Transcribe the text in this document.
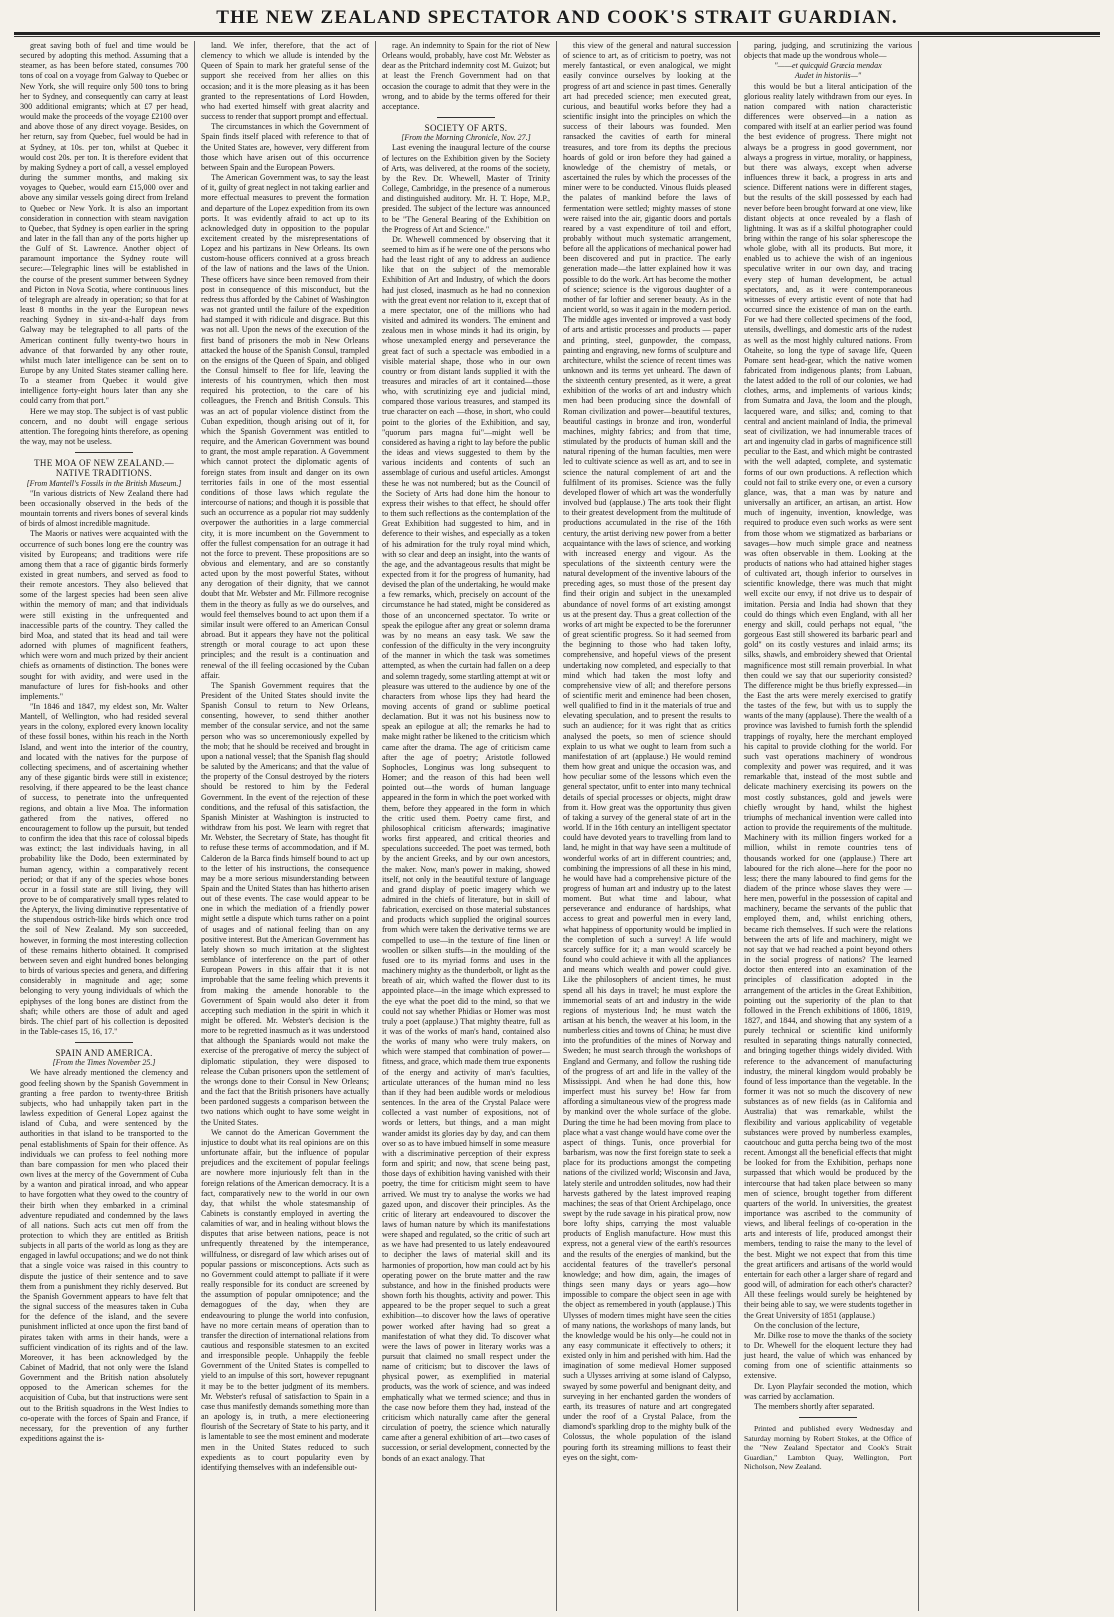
THE NEW ZEALAND SPECTATOR AND COOK'S STRAIT GUARDIAN.

great saving both of fuel and time would be secured by adopting this method. Assuming that a steamer, as has been before stated, consumes 700 tons of coal on a voyage from Galway to Quebec or New York, she will require only 500 tons to bring her to Sydney, and consequently can carry at least 300 additional emigrants; which at £7 per head, would make the proceeds of the voyage £2100 over and above those of any direct voyage. Besides, on her return, say from Quebec, fuel would be had in at Sydney, at 10s. per ton, whilst at Quebec it would cost 20s. per ton. It is therefore evident that by making Sydney a port of call, a vessel employed during the summer months, and making six voyages to Quebec, would earn £15,000 over and above any similar vessels going direct from Ireland to Quebec or New York. It is also an important consideration in connection with steam navigation to Quebec, that Sydney is open earlier in the spring and later in the fall than any of the ports higher up the Gulf of St. Lawrence. Another object of paramount importance the Sydney route will secure:—Telegraphic lines will be established in the course of the present summer between Sydney and Picton in Nova Scotia, where continuous lines of telegraph are already in operation; so that for at least 8 months in the year the European news reaching Sydney in six-and-a-half days from Galway may be telegraphed to all parts of the American continent fully twenty-two hours in advance of that forwarded by any other route, whilst much later intelligence can be sent on to Europe by any United States steamer calling here. To a steamer from Quebec it would give intelligence forty-eight hours later than any she could carry from that port."

Here we may stop. The subject is of vast public concern, and no doubt will engage serious attention. The foregoing hints therefore, as opening the way, may not be useless.

THE MOA OF NEW ZEALAND.—NATIVE TRADITIONS.

[From Mantell's Fossils in the British Museum.]

"In various districts of New Zealand there had been occasionally observed in the beds of the mountain torrents and rivers bones of several kinds of birds of almost incredible magnitude.

The Maoris or natives were acquainted with the occurrence of such bones long ere the country was visited by Europeans; and traditions were rife among them that a race of gigantic birds formerly existed in great numbers, and served as food to their remote ancestors. They also believed that some of the largest species had been seen alive within the memory of man; and that individuals were still existing in the unfrequented and inaccessible parts of the country. They called the bird Moa, and stated that its head and tail were adorned with plumes of magnificent feathers, which were worn and much prized by their ancient chiefs as ornaments of distinction. The bones were sought for with avidity, and were used in the manufacture of lures for fish-hooks and other implements."

"In 1846 and 1847, my eldest son, Mr. Walter Mantell, of Wellington, who had resided several years in the colony, explored every known locality of these fossil bones, within his reach in the North Island, and went into the interior of the country, and located with the natives for the purpose of collecting specimens, and of ascertaining whether any of these gigantic birds were still in existence; resolving, if there appeared to be the least chance of success, to penetrate into the unfrequented regions, and obtain a live Moa. The information gathered from the natives, offered no encouragement to follow up the pursuit, but tended to confirm the idea that this race of colossal bipeds was extinct; the last individuals having, in all probability like the Dodo, been exterminated by human agency, within a comparatively recent period; or that if any of the species whose bones occur in a fossil state are still living, they will prove to be of comparatively small types related to the Apteryx, the living diminutive representative of the stupendous ostrich-like birds which once trod the soil of New Zealand. My son succeeded, however, in forming the most interesting collection of these remains hitherto obtained. It comprised between seven and eight hundred bones belonging to birds of various species and genera, and differing considerably in magnitude and age; some belonging to very young individuals of which the epiphyses of the long bones are distinct from the shaft; while others are those of adult and aged birds. The chief part of his collection is deposited in the Table-cases 15, 16, 17."

SPAIN AND AMERICA.

[From the Times November 25.]

We have already mentioned the clemency and good feeling shown by the Spanish Government in granting a free pardon to twenty-three British subjects, who had unhappily taken part in the lawless expedition of General Lopez against the island of Cuba, and were sentenced by the authorities in that island to be transported to the penal establishments of Spain for their offence. As individuals we can profess to feel nothing more than bare compassion for men who placed their own lives at the mercy of the Government of Cuba by a wanton and piratical inroad, and who appear to have forgotten what they owed to the country of their birth when they embarked in a criminal adventure repudiated and condemned by the laws of all nations. Such acts cut men off from the protection to which they are entitled as British subjects in all parts of the world as long as they are engaged in lawful occupations; and we do not think that a single voice was raised in this country to dispute the justice of their sentence and to save them from a punishment they richly deserved. But the Spanish Government appears to have felt that the signal success of the measures taken in Cuba for the defence of the island, and the severe punishment inflicted at once upon the first band of pirates taken with arms in their hands, were a sufficient vindication of its rights and of the law. Moreover, it has been acknowledged by the Cabinet of Madrid, that not only were the Island Government and the British nation absolutely opposed to the American schemes for the acquisition of Cuba, but that instructions were sent out to the British squadrons in the West Indies to co-operate with the forces of Spain and France, if necessary, for the prevention of any further expeditions against the is-

land. We infer, therefore, that the act of clemency to which we allude is intended by the Queen of Spain to mark her grateful sense of the support she received from her allies on this occasion; and it is the more pleasing as it has been granted to the representations of Lord Howden, who had exerted himself with great alacrity and success to render that support prompt and effectual.

The circumstances in which the Government of Spain finds itself placed with reference to that of the United States are, however, very different from those which have arisen out of this occurrence between Spain and the European Powers.

The American Government was, to say the least of it, guilty of great neglect in not taking earlier and more effectual measures to prevent the formation and departure of the Lopez expedition from its own ports. It was evidently afraid to act up to its acknowledged duty in opposition to the popular excitement created by the misrepresentations of Lopez and his partizans in New Orleans. Its own custom-house officers connived at a gross breach of the law of nations and the laws of the Union. These officers have since been removed from their post in consequence of this misconduct, but the redress thus afforded by the Cabinet of Washington was not granted until the failure of the expedition had stamped it with ridicule and disgrace. But this was not all. Upon the news of the execution of the first band of prisoners the mob in New Orleans attacked the house of the Spanish Consul, trampled on the ensigns of the Queen of Spain, and obliged the Consul himself to flee for life, leaving the interests of his countrymen, which then most required his protection, to the care of his colleagues, the French and British Consuls. This was an act of popular violence distinct from the Cuban expedition, though arising out of it, for which the Spanish Government was entitled to require, and the American Government was bound to grant, the most ample reparation. A Government which cannot protect the diplomatic agents of foreign states from insult and danger on its own territories fails in one of the most essential conditions of those laws which regulate the intercourse of nations; and though it is possible that such an occurrence as a popular riot may suddenly overpower the authorities in a large commercial city, it is more incumbent on the Government to offer the fullest compensation for an outrage it had not the force to prevent. These propositions are so obvious and elementary, and are so constantly acted upon by the most powerful States, without any derogation of their dignity, that we cannot doubt that Mr. Webster and Mr. Fillmore recognise them in the theory as fully as we do ourselves, and would feel themselves bound to act upon them if a similar insult were offered to an American Consul abroad. But it appears they have not the political strength or moral courage to act upon these principles; and the result is a continuation and renewal of the ill feeling occasioned by the Cuban affair.

The Spanish Government requires that the President of the United States should invite the Spanish Consul to return to New Orleans, consenting, however, to send thither another member of the consular service, and not the same person who was so unceremoniously expelled by the mob; that he should be received and brought in upon a national vessel; that the Spanish flag should be saluted by the Americans; and that the value of the property of the Consul destroyed by the rioters should be restored to him by the Federal Government. In the event of the rejection of these conditions, and the refusal of this satisfaction, the Spanish Minister at Washington is instructed to withdraw from his post. We learn with regret that Mr. Webster, the Secretary of State, has thought fit to refuse these terms of accommodation, and if M. Calderon de la Barca finds himself bound to act up to the letter of his instructions, the consequence may be a more serious misunderstanding between Spain and the United States than has hitherto arisen out of these events. The case would appear to be one in which the mediation of a friendly power might settle a dispute which turns rather on a point of usages and of national feeling than on any positive interest. But the American Government has lately shown so much irritation at the slightest semblance of interference on the part of other European Powers in this affair that it is not improbable that the same feeling which prevents it from making the amende honorable to the Government of Spain would also deter it from accepting such mediation in the spirit in which it might be offered. Mr. Webster's decision is the more to be regretted inasmuch as it was understood that although the Spaniards would not make the exercise of the prerogative of mercy the subject of diplomatic stipulation, they were disposed to release the Cuban prisoners upon the settlement of the wrongs done to their Consul in New Orleans; and the fact that the British prisoners have actually been pardoned suggests a comparison between the two nations which ought to have some weight in the United States.

We cannot do the American Government the injustice to doubt what its real opinions are on this unfortunate affair, but the influence of popular prejudices and the excitement of popular feelings are nowhere more injuriously felt than in the foreign relations of the American democracy. It is a fact, comparatively new to the world in our own day, that whilst the whole statesmanship of Cabinets is constantly employed in averting the calamities of war, and in healing without blows the disputes that arise between nations, peace is not unfrequently threatened by the intemperance, willfulness, or disregard of law which arises out of popular passions or misconceptions. Acts such as no Government could attempt to palliate if it were really responsible for its conduct are screened by the assumption of popular omnipotence; and the demagogues of the day, when they are endeavouring to plunge the world into confusion, have no more certain means of operation than to transfer the direction of international relations from cautious and responsible statesmen to an excited and irresponsible people. Unhappily the feeble Government of the United States is compelled to yield to an impulse of this sort, however repugnant it may be to the better judgment of its members. Mr. Webster's refusal of satisfaction to Spain in a case thus manifestly demands something more than an apology is, in truth, a mere electioneering flourish of the Secretary of State to his party, and it is lamentable to see the most eminent and moderate men in the United States reduced to such expedients as to court popularity even by identifying themselves with an indefensible out-

rage. An indemnity to Spain for the riot of New Orleans would, probably, have cost Mr. Webster as dear as the Pritchard indemnity cost M. Guizot; but at least the French Government had on that occasion the courage to admit that they were in the wrong, and to abide by the terms offered for their acceptance.

SOCIETY OF ARTS.

[From the Morning Chronicle, Nov. 27.]

Last evening the inaugural lecture of the course of lectures on the Exhibition given by the Society of Arts, was delivered, at the rooms of the society, by the Rev. Dr. Whewell, Master of Trinity College, Cambridge, in the presence of a numerous and distinguished auditory. Mr. H. T. Hope, M.P., presided. The subject of the lecture was announced to be "The General Bearing of the Exhibition on the Progress of Art and Science."

Dr. Whewell commenced by observing that it seemed to him as if he were one of the persons who had the least right of any to address an audience like that on the subject of the memorable Exhibition of Art and Industry, of which the doors had just closed, inasmuch as he had no connexion with the great event nor relation to it, except that of a mere spectator, one of the millions who had visited and admired its wonders. The eminent and zealous men in whose minds it had its origin, by whose unexampled energy and perseverance the great fact of such a spectacle was embodied in a visible material shape, those who in our own country or from distant lands supplied it with the treasures and miracles of art it contained—those who, with scrutinizing eye and judicial mind, compared those various treasures, and stamped its true character on each —those, in short, who could point to the glories of the Exhibition, and say, "quorum pars magna fui"—might well be considered as having a right to lay before the public the ideas and views suggested to them by the various incidents and contents of such an assemblage of curious and useful articles. Amongst these he was not numbered; but as the Council of the Society of Arts had done him the honour to express their wishes to that effect, he should offer to them such reflections as the contemplation of the Great Exhibition had suggested to him, and in deference to their wishes, and especially as a token of his admiration for the truly royal mind which, with so clear and deep an insight, into the wants of the age, and the advantageous results that might be expected from it for the progress of humanity, had devised the plan of the undertaking, he would make a few remarks, which, precisely on account of the circumstance he had stated, might be considered as those of an unconcerned spectator. To write or speak the epilogue after any great or solemn drama was by no means an easy task. We saw the confession of the difficulty in the very incongruity of the manner in which the task was sometimes attempted, as when the curtain had fallen on a deep and solemn tragedy, some startling attempt at wit or pleasure was uttered to the audience by one of the characters from whose lips they had heard the moving accents of grand or sublime poetical declamation. But it was not his business now to speak an epilogue at all; the remarks he had to make might rather be likened to the criticism which came after the drama. The age of criticism came after the age of poetry; Aristotle followed Sophocles, Longinus was long subsequent to Homer; and the reason of this had been well pointed out—the words of human language appeared in the form in which the poet worked with them, before they appeared in the form in which the critic used them. Poetry came first, and philosophical criticism afterwards; imaginative works first appeared, and critical theories and speculations succeeded. The poet was termed, both by the ancient Greeks, and by our own ancestors, the maker. Now, man's power in making, showed itself, not only in the beautiful texture of language and grand display of poetic imagery which we admired in the chiefs of literature, but in skill of fabrication, exercised on those material substances and products which supplied the original sources from which were taken the derivative terms we are compelled to use—in the texture of fine linen or woollen or silken stuffs—in the moulding of the fused ore to its myriad forms and uses in the machinery mighty as the thunderbolt, or light as the breath of air, which wafted the flower dust to its appointed place—in the image which expressed to the eye what the poet did to the mind, so that we could not say whether Phidias or Homer was most truly a poet (applause.) That mighty theatre, full as it was of the works of man's hand, contained also the works of many who were truly makers, on which were stamped that combination of power—fitness, and grace, which made them true exponents of the energy and activity of man's faculties, articulate utterances of the human mind no less than if they had been audible words or melodious sentences. In the area of the Crystal Palace were collected a vast number of expositions, not of words or letters, but things, and a man might wander amidst its glories day by day, and can them over so as to have imbued himself in some measure with a discriminative perception of their express form and spirit; and now, that scene being past, those days of exhibition having vanished with their poetry, the time for criticism might seem to have arrived. We must try to analyse the works we had gazed upon, and discover their principles. As the critic of literary art endeavoured to discover the laws of human nature by which its manifestations were shaped and regulated, so the critic of such art as we have had presented to us lately endeavoured to decipher the laws of material skill and its harmonies of proportion, how man could act by his operating power on the brute matter and the raw substance, and how in the finished products were shown forth his thoughts, activity and power. This appeared to be the proper sequel to such a great exhibition—to discover how the laws of operative power worked after having had so great a manifestation of what they did. To discover what were the laws of power in literary works was a pursuit that claimed no small respect under the name of criticism; but to discover the laws of physical power, as exemplified in material products, was the work of science, and was indeed emphatically what we termed science; and thus in the case now before them they had, instead of the criticism which naturally came after the general circulation of poetry, the science which naturally came after a general exhibition of art—two cases of succession, or serial development, connected by the bonds of an exact analogy. That

this view of the general and natural succession of science to art, as of criticism to poetry, was not merely fantastical, or even analogical, we might easily convince ourselves by looking at the progress of art and science in past times. Generally art had preceded science; men executed great, curious, and beautiful works before they had a scientific insight into the principles on which the success of their labours was founded. Men ransacked the cavities of earth for mineral treasures, and tore from its depths the precious hoards of gold or iron before they had gained a knowledge of the chemistry of metals, or ascertained the rules by which the processes of the miner were to be conducted. Vinous fluids pleased the palates of mankind before the laws of fermentation were settled; mighty masses of stone were raised into the air, gigantic doors and portals reared by a vast expenditure of toil and effort, probably without much systematic arrangement, before all the applications of mechanical power had been discovered and put in practice. The early generation made—the latter explained how it was possible to do the work. Art has become the mother of science; science is the vigorous daughter of a mother of far loftier and serener beauty. As in the ancient world, so was it again in the modern period. The middle ages invented or improved a vast body of arts and artistic processes and products — paper and printing, steel, gunpowder, the compass, painting and engraving, new forms of sculpture and architecture, whilst the science of recent times was unknown and its terms yet unheard. The dawn of the sixteenth century presented, as it were, a great exhibition of the works of art and industry which men had been producing since the downfall of Roman civilization and power—beautiful textures, beautiful castings in bronze and iron, wonderful machines, mighty fabrics; and from that time, stimulated by the products of human skill and the natural ripening of the human faculties, men were led to cultivate science as well as art, and to see in science the natural complement of art and the fulfilment of its promises. Science was the fully developed flower of which art was the wonderfully involved bud (applause.) The arts took their flight to their greatest development from the multitude of productions accumulated in the rise of the 16th century, the artist deriving new power from a better acquaintance with the laws of science, and working with increased energy and vigour. As the speculations of the sixteenth century were the natural development of the inventive labours of the preceding ages, so must those of the present day find their origin and subject in the unexampled abundance of novel forms of art existing amongst us at the present day. Thus a great collection of the works of art might be expected to be the forerunner of great scientific progress. So it had seemed from the beginning to those who had taken lofty, comprehensive, and hopeful views of the present undertaking now completed, and especially to that mind which had taken the most lofty and comprehensive view of all; and therefore persons of scientific merit and eminence had been chosen, well qualified to find in it the materials of true and elevating speculation, and to present the results to such an audience; for it was right that as critics analysed the poets, so men of science should explain to us what we ought to learn from such a manifestation of art (applause.) He would remind them how great and unique the occasion was, and how peculiar some of the lessons which even the general spectator, unfit to enter into many technical details of special processes or objects, might draw from it. How great was the opportunity thus given of taking a survey of the general state of art in the world. If in the 16th century an intelligent spectator could have devoted years to travelling from land to land, he might in that way have seen a multitude of wonderful works of art in different countries; and, combining the impressions of all these in his mind, he would have had a comprehensive picture of the progress of human art and industry up to the latest moment. But what time and labour, what perseverance and endurance of hardships, what access to great and powerful men in every land, what happiness of opportunity would be implied in the completion of such a survey! A life would scarcely suffice for it; a man would scarcely be found who could achieve it with all the appliances and means which wealth and power could give. Like the philosophers of ancient times, he must spend all his days in travel; he must explore the immemorial seats of art and industry in the wide regions of mysterious Ind; he must watch the artisan at his bench, the weaver at his loom, in the numberless cities and towns of China; he must dive into the profundities of the mines of Norway and Sweden; he must search through the workshops of England and Germany, and follow the rushing tide of the progress of art and life in the valley of the Mississippi. And when he had done this, how imperfect must his survey be! How far from affording a simultaneous view of the progress made by mankind over the whole surface of the globe. During the time he had been moving from place to place what a vast change would have come over the aspect of things. Tunis, once proverbial for barbarism, was now the first foreign state to seek a place for its productions amongst the competing nations of the civilized world; Wisconsin and Java, lately sterile and untrodden solitudes, now had their harvests gathered by the latest improved reaping machines; the seas of that Orient Archipelago, once swept by the rude savage in his piratical prow, now bore lofty ships, carrying the most valuable products of English manufacture. How must this express, not a general view of the earth's resources and the results of the energies of mankind, but the accidental features of the traveller's personal knowledge; and how dim, again, the images of things seen many days or years ago—how impossible to compare the object seen in age with the object as remembered in youth (applause.) This Ulysses of modern times might have seen the cities of many nations, the workshops of many lands, but the knowledge would be his only—he could not in any easy communicate it effectively to others; it existed only in him and perished with him. Had the imagination of some medieval Homer supposed such a Ulysses arriving at some island of Calypso, swayed by some powerful and benignant deity, and surveying in her enchanted garden the wonders of earth, its treasures of nature and art congregated under the roof of a Crystal Palace, from the diamond's sparkling drop to the mighty bulk of the Colossus, the whole population of the island pouring forth its streaming millions to feast their eyes on the sight, com-

paring, judging, and scrutinizing the various objects that made up the wondrous whole—

"——et quicquid Græcia mendax

Audet in historiis—"

this would be but a literal anticipation of the glorious reality lately withdrawn from our eyes. In nation compared with nation characteristic differences were observed—in a nation as compared with itself at an earlier period was found the best evidence of progress. There might not always be a progress in good government, nor always a progress in virtue, morality, or happiness, but there was always, except when adverse influences threw it back, a progress in arts and science. Different nations were in different stages, but the results of the skill possessed by each had never before been brought forward at one view, like distant objects at once revealed by a flash of lightning. It was as if a skilful photographer could bring within the range of his solar spherescope the whole globe, with all its products. But more, it enabled us to achieve the wish of an ingenious speculative writer in our own day, and tracing every step of human development, be actual spectators, and, as it were contemporaneous witnesses of every artistic event of note that had occurred since the existence of man on the earth. For we had there collected specimens of the food, utensils, dwellings, and domestic arts of the rudest as well as the most highly cultured nations. From Otaheite, so long the type of savage life, Queen Pomare sent head-gear, which the native women fabricated from indigenous plants; from Labuan, the latest added to the roll of our colonies, we had clothes, arms, and implements of various kinds; from Sumatra and Java, the loom and the plough, lacquered ware, and silks; and, coming to that central and ancient mainland of India, the primeval seat of civilization, we had innumerable traces of art and ingenuity clad in garbs of magnificence still peculiar to the East, and which might be contrasted with the well adapted, complete, and systematic forms of our own productions. A reflection which could not fail to strike every one, or even a cursory glance, was, that a man was by nature and universally an artificer, an artisan, an artist. How much of ingenuity, invention, knowledge, was required to produce even such works as were sent from those whom we stigmatized as barbarians or savages—how much simple grace and neatness was often observable in them. Looking at the products of nations who had attained higher stages of cultivated art, though inferior to ourselves in scientific knowledge, there was much that might well excite our envy, if not drive us to despair of imitation. Persia and India had shown that they could do things which even England, with all her energy and skill, could perhaps not equal, "the gorgeous East still showered its barbaric pearl and gold" on its costly vestures and inlaid arms; its silks, shawls, and embroidery shewed that Oriental magnificence most still remain proverbial. In what then could we say that our superiority consisted? The difference might be thus briefly expressed—in the East the arts were merely exercised to gratify the tastes of the few, but with us to supply the wants of the many (applause). There the wealth of a province was lavished to furnish forth the splendid trappings of royalty, here the merchant employed his capital to provide clothing for the world. For such vast operations machinery of wondrous complexity and power was required, and it was remarkable that, instead of the most subtle and delicate machinery exercising its powers on the most costly substances, gold and jewels were chiefly wrought by hand, whilst the highest triumphs of mechanical invention were called into action to provide the requirements of the multitude. Machinery with its million fingers worked for a million, whilst in remote countries tens of thousands worked for one (applause.) There art laboured for the rich alone—here for the poor no less; there the many laboured to find gems for the diadem of the prince whose slaves they were —here men, powerful in the possession of capital and machinery, became the servants of the public that employed them, and, whilst enriching others, became rich themselves. If such were the relations between the arts of life and machinery, might we not say that we had reached a point beyond others in the social progress of nations? The learned doctor then entered into an examination of the principles of classification adopted in the arrangement of the articles in the Great Exhibition, pointing out the superiority of the plan to that followed in the French exhibitions of 1806, 1819, 1827, and 1844, and showing that any system of a purely technical or scientific kind uniformly resulted in separating things naturally connected, and bringing together things widely divided. With reference to the advancement of manufacturing industry, the mineral kingdom would probably be found of less importance than the vegetable. In the former it was not so much the discovery of new substances as of new fields (as in California and Australia) that was remarkable, whilst the flexibility and various applicability of vegetable substances were proved by numberless examples, caoutchouc and gutta percha being two of the most recent. Amongst all the beneficial effects that might be looked for from the Exhibition, perhaps none surpassed that which would be produced by the intercourse that had taken place between so many men of science, brought together from different quarters of the world. In universities, the greatest importance was ascribed to the community of views, and liberal feelings of co-operation in the arts and interests of life, produced amongst their members, tending to raise the many to the level of the best. Might we not expect that from this time the great artificers and artisans of the world would entertain for each other a larger share of regard and good will, of admiration for each other's character? All these feelings would surely be heightened by their being able to say, we were students together in the Great University of 1851 (applause.)

On the conclusion of the lecture,

Mr. Dilke rose to move the thanks of the society to Dr. Whewell for the eloquent lecture they had just heard, the value of which was enhanced by coming from one of scientific attainments so extensive.

Dr. Lyon Playfair seconded the motion, which was carried by acclamation.

The members shortly after separated.

Printed and published every Wednesday and Saturday morning by Robert Stokes, at the Office of the "New Zealand Spectator and Cook's Strait Guardian," Lambton Quay, Wellington, Port Nicholson, New Zealand.
